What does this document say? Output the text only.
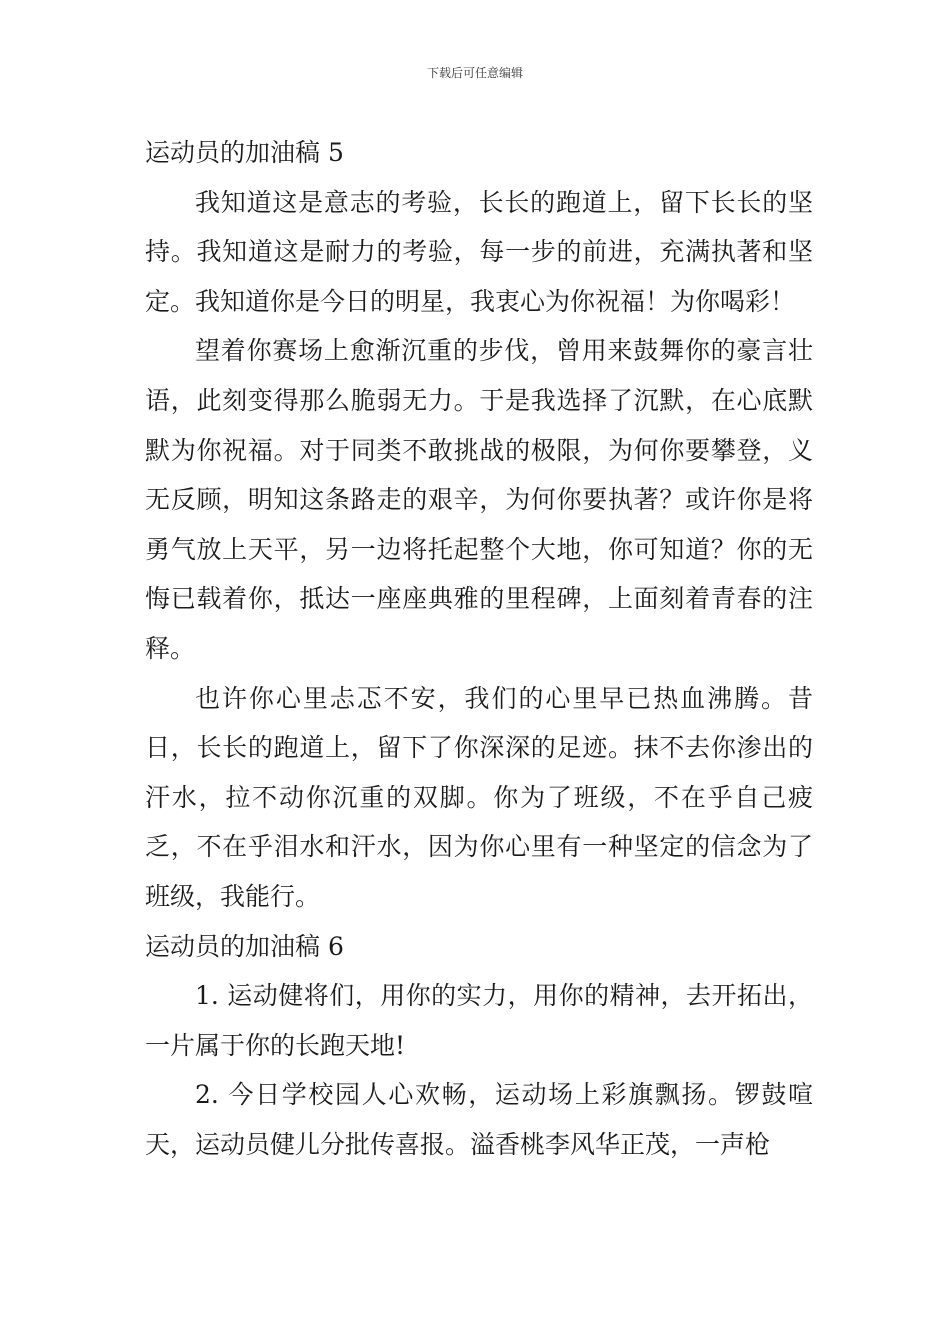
下载后可任意编辑
运动员的加油稿 5

我知道这是意志的考验，长长的跑道上，留下长长的坚持。我知道这是耐力的考验，每一步的前进，充满执著和坚定。我知道你是今日的明星，我衷心为你祝福！为你喝彩！

望着你赛场上愈渐沉重的步伐，曾用来鼓舞你的豪言壮语，此刻变得那么脆弱无力。于是我选择了沉默，在心底默默为你祝福。对于同类不敢挑战的极限，为何你要攀登，义无反顾，明知这条路走的艰辛，为何你要执著？或许你是将勇气放上天平，另一边将托起整个大地，你可知道？你的无悔已载着你，抵达一座座典雅的里程碑，上面刻着青春的注释。

也许你心里忐忑不安，我们的心里早已热血沸腾。昔日，长长的跑道上，留下了你深深的足迹。抹不去你渗出的汗水，拉不动你沉重的双脚。你为了班级，不在乎自己疲乏，不在乎泪水和汗水，因为你心里有一种坚定的信念为了班级，我能行。

运动员的加油稿 6

1. 运动健将们，用你的实力，用你的精神，去开拓出，一片属于你的长跑天地!

2. 今日学校园人心欢畅，运动场上彩旗飘扬。锣鼓喧天，运动员健儿分批传喜报。溢香桃李风华正茂，一声枪
